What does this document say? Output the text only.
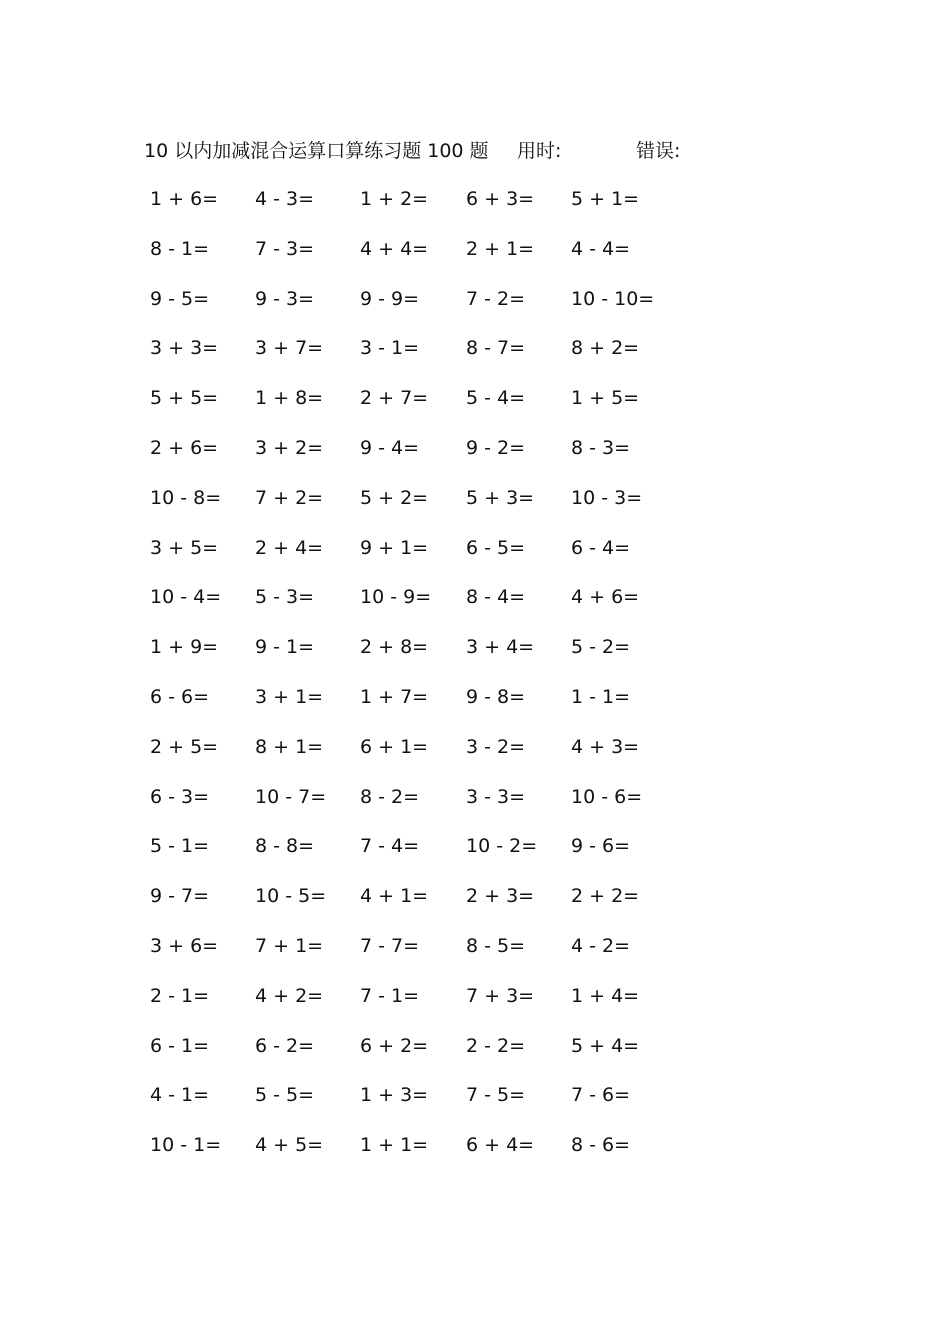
10 以内加减混合运算口算练习题 100 题 用时:	错误:
1 + 6= 4 - 3= 1 + 2= 6 + 3= 5 + 1=
8 - 1= 7 - 3= 4 + 4= 2 + 1= 4 - 4=
9 - 5= 9 - 3= 9 - 9= 7 - 2= 10 - 10=
3 + 3= 3 + 7= 3 - 1= 8 - 7= 8 + 2=
5 + 5= 1 + 8= 2 + 7= 5 - 4= 1 + 5=
2 + 6= 3 + 2= 9 - 4= 9 - 2= 8 - 3=
10 - 8= 7 + 2= 5 + 2= 5 + 3= 10 - 3=
3 + 5= 2 + 4= 9 + 1= 6 - 5= 6 - 4=
10 - 4= 5 - 3= 10 - 9= 8 - 4= 4 + 6=
1 + 9= 9 - 1= 2 + 8= 3 + 4= 5 - 2=
6 - 6= 3 + 1= 1 + 7= 9 - 8= 1 - 1=
2 + 5= 8 + 1= 6 + 1= 3 - 2= 4 + 3=
6 - 3= 10 - 7= 8 - 2= 3 - 3= 10 - 6=
5 - 1= 8 - 8= 7 - 4= 10 - 2= 9 - 6=
9 - 7= 10 - 5= 4 + 1= 2 + 3= 2 + 2=
3 + 6= 7 + 1= 7 - 7= 8 - 5= 4 - 2=
2 - 1= 4 + 2= 7 - 1= 7 + 3= 1 + 4=
6 - 1= 6 - 2= 6 + 2= 2 - 2= 5 + 4=
4 - 1= 5 - 5= 1 + 3= 7 - 5= 7 - 6=
10 - 1= 4 + 5= 1 + 1= 6 + 4= 8 - 6=
